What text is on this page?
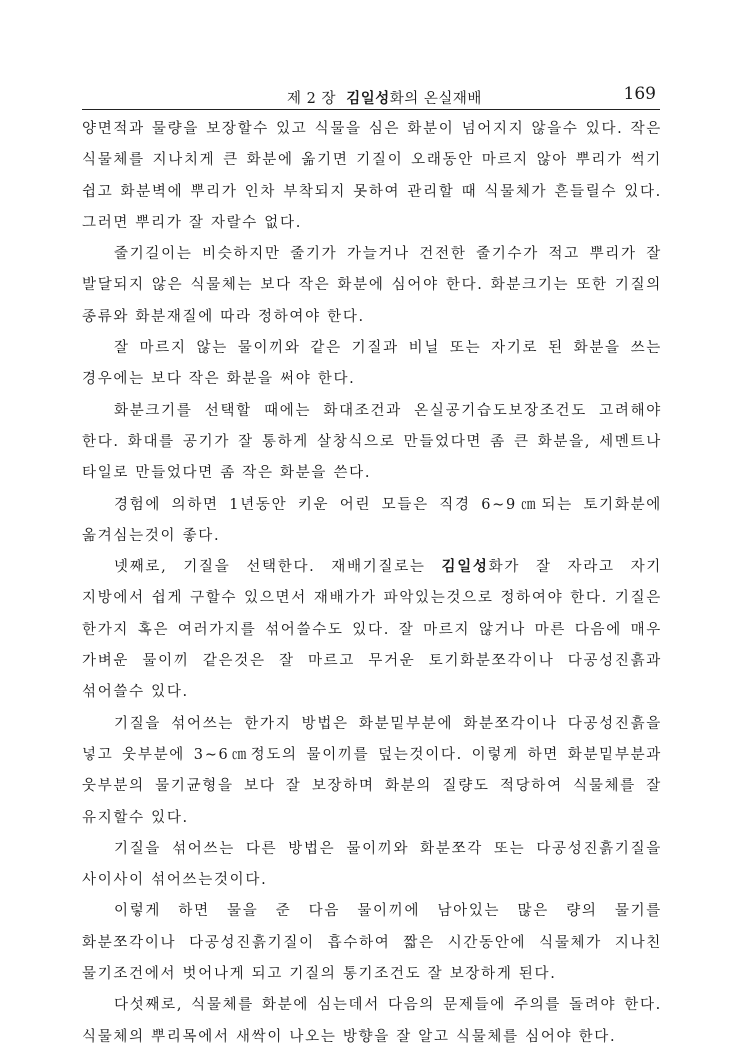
제 2 장 김일성화의 온실재배	169

양면적과 물량을 보장할수 있고 식물을 심은 화분이 넘어지지 않을수 있다. 작은 식물체를 지나치게 큰 화분에 옮기면 기질이 오래동안 마르지 않아 뿌리가 썩기 쉽고 화분벽에 뿌리가 인차 부착되지 못하여 관리할 때 식물체가 흔들릴수 있다. 그러면 뿌리가 잘 자랄수 없다.

줄기길이는 비슷하지만 줄기가 가늘거나 건전한 줄기수가 적고 뿌리가 잘 발달되지 않은 식물체는 보다 작은 화분에 심어야 한다. 화분크기는 또한 기질의 종류와 화분재질에 따라 정하여야 한다.

잘 마르지 않는 물이끼와 같은 기질과 비닐 또는 자기로 된 화분을 쓰는 경우에는 보다 작은 화분을 써야 한다.

화분크기를 선택할 때에는 화대조건과 온실공기습도보장조건도 고려해야 한다. 화대를 공기가 잘 통하게 살창식으로 만들었다면 좀 큰 화분을, 세멘트나 타일로 만들었다면 좀 작은 화분을 쓴다.

경험에 의하면 1년동안 키운 어린 모들은 직경 6∼9㎝되는 토기화분에 옮겨심는것이 좋다.

넷째로, 기질을 선택한다. 재배기질로는 김일성화가 잘 자라고 자기 지방에서 쉽게 구할수 있으면서 재배가가 파악있는것으로 정하여야 한다. 기질은 한가지 혹은 여러가지를 섞어쓸수도 있다. 잘 마르지 않거나 마른 다음에 매우 가벼운 물이끼 같은것은 잘 마르고 무거운 토기화분쪼각이나 다공성진흙과 섞어쓸수 있다.

기질을 섞어쓰는 한가지 방법은 화분밑부분에 화분쪼각이나 다공성진흙을 넣고 웃부분에 3∼6㎝정도의 물이끼를 덮는것이다. 이렇게 하면 화분밑부분과 웃부분의 물기균형을 보다 잘 보장하며 화분의 질량도 적당하여 식물체를 잘 유지할수 있다.

기질을 섞어쓰는 다른 방법은 물이끼와 화분쪼각 또는 다공성진흙기질을 사이사이 섞어쓰는것이다.

이렇게 하면 물을 준 다음 물이끼에 남아있는 많은 량의 물기를 화분쪼각이나 다공성진흙기질이 흡수하여 짧은 시간동안에 식물체가 지나친 물기조건에서 벗어나게 되고 기질의 통기조건도 잘 보장하게 된다.

다섯째로, 식물체를 화분에 심는데서 다음의 문제들에 주의를 돌려야 한다. 식물체의 뿌리목에서 새싹이 나오는 방향을 잘 알고 식물체를 심어야 한다.
